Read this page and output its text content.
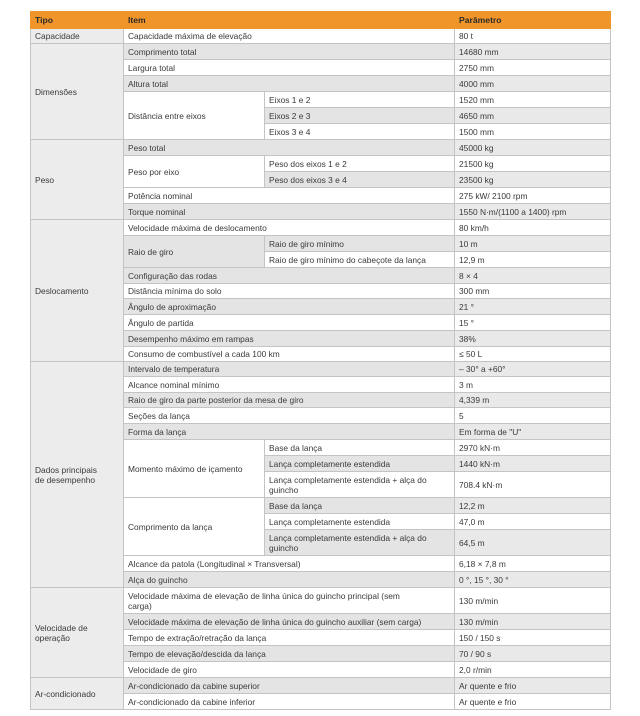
Tipo	Item		Parâmetro
Capacidade	Capacidade máxima de elevação		80 t
Dimensões	Comprimento total		14680 mm
	Largura total		2750 mm
	Altura total		4000 mm
	Distância entre eixos	Eixos 1 e 2	1520 mm
		Eixos 2 e 3	4650 mm
		Eixos 3 e 4	1500 mm
Peso	Peso total		45000 kg
	Peso por eixo	Peso dos eixos 1 e 2	21500 kg
		Peso dos eixos 3 e 4	23500 kg
	Potência nominal		275 kW/ 2100 rpm
	Torque nominal		1550 N·m/(1100 a 1400) rpm
Deslocamento	Velocidade máxima de deslocamento		80 km/h
	Raio de giro	Raio de giro mínimo	10 m
		Raio de giro mínimo do cabeçote da lança	12,9 m
	Configuração das rodas		8 × 4
	Distância mínima do solo		300 mm
	Ângulo de aproximação		21 °
	Ângulo de partida		15 °
	Desempenho máximo em rampas		38%
	Consumo de combustível a cada 100 km		≤ 50 L
Dados principais
de desempenho	Intervalo de temperatura		– 30° a +60°
	Alcance nominal mínimo		3 m
	Raio de giro da parte posterior da mesa de giro		4,339 m
	Seções da lança		5
	Forma da lança		Em forma de "U"
	Momento máximo de içamento	Base da lança	2970 kN·m
		Lança completamente estendida	1440 kN·m
		Lança completamente estendida + alça do
guincho	708.4 kN·m
	Comprimento da lança	Base da lança	12,2 m
		Lança completamente estendida	47,0 m
		Lança completamente estendida + alça do
guincho	64,5 m
	Alcance da patola (Longitudinal × Transversal)		6,18 × 7,8 m
	Alça do guincho		0 °, 15 °, 30 °
Velocidade de
operação	Velocidade máxima de elevação de linha única do guincho principal (sem
carga)		130 m/min
	Velocidade máxima de elevação de linha única do guincho auxiliar (sem carga)		130 m/min
	Tempo de extração/retração da lança		150 / 150 s
	Tempo de elevação/descida da lança		70 / 90 s
	Velocidade de giro		2,0 r/min
Ar-condicionado	Ar-condicionado da cabine superior		Ar quente e frio
	Ar-condicionado da cabine inferior		Ar quente e frio
